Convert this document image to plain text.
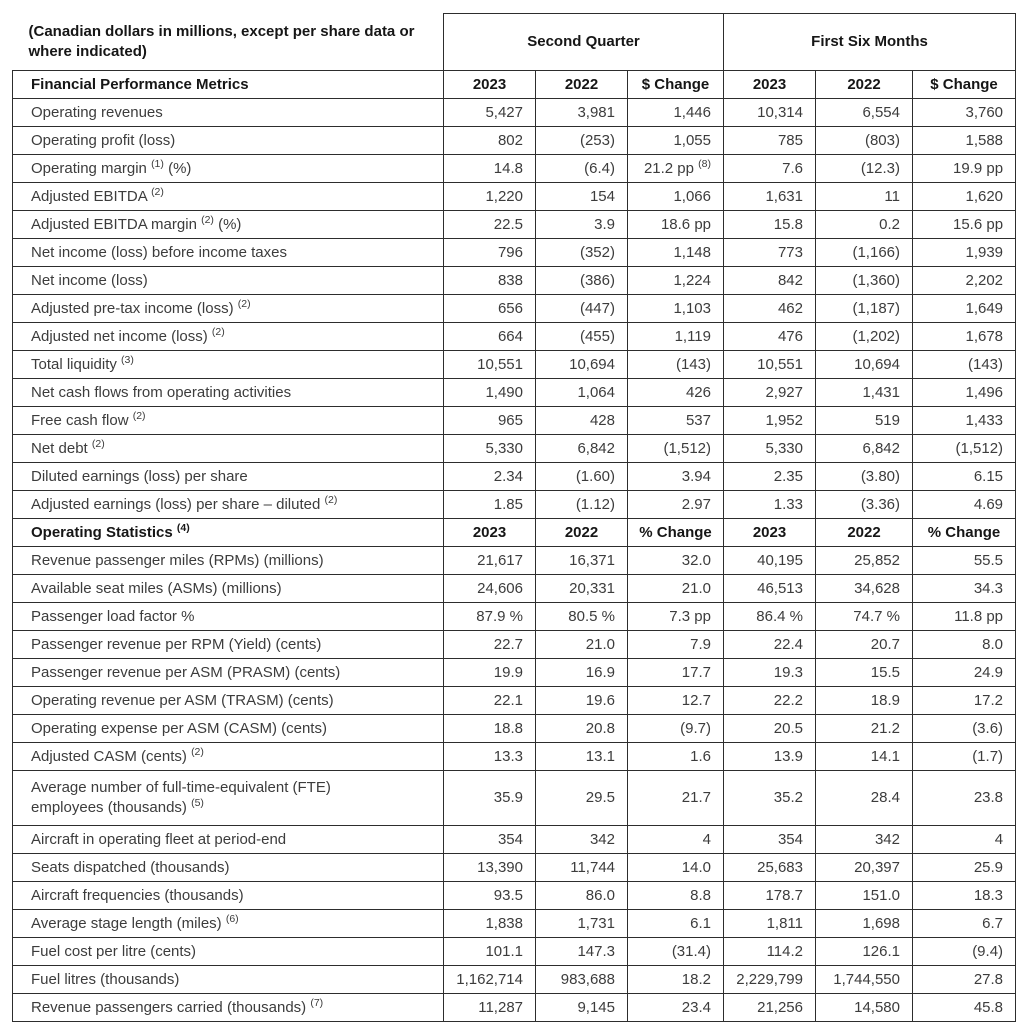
(Canadian dollars in millions, except per share data or
where indicated)	Second Quarter			First Six Months		
Financial Performance Metrics	2023	2022	$ Change	2023	2022	$ Change
Operating revenues	5,427	3,981	1,446	10,314	6,554	3,760
Operating profit (loss)	802	(253)	1,055	785	(803)	1,588
Operating margin $^{(1)}$ (%)	14.8	(6.4)	21.2 pp $^{(8)}$	7.6	(12.3)	19.9 pp
Adjusted EBITDA $^{(2)}$	1,220	154	1,066	1,631	11	1,620
Adjusted EBITDA margin $^{(2)}$ (%)	22.5	3.9	18.6 pp	15.8	0.2	15.6 pp
Net income (loss) before income taxes	796	(352)	1,148	773	(1,166)	1,939
Net income (loss)	838	(386)	1,224	842	(1,360)	2,202
Adjusted pre-tax income (loss) $^{(2)}$	656	(447)	1,103	462	(1,187)	1,649
Adjusted net income (loss) $^{(2)}$	664	(455)	1,119	476	(1,202)	1,678
Total liquidity $^{(3)}$	10,551	10,694	(143)	10,551	10,694	(143)
Net cash flows from operating activities	1,490	1,064	426	2,927	1,431	1,496
Free cash flow $^{(2)}$	965	428	537	1,952	519	1,433
Net debt $^{(2)}$	5,330	6,842	(1,512)	5,330	6,842	(1,512)
Diluted earnings (loss) per share	2.34	(1.60)	3.94	2.35	(3.80)	6.15
Adjusted earnings (loss) per share – diluted $^{(2)}$	1.85	(1.12)	2.97	1.33	(3.36)	4.69
Operating Statistics $^{(4)}$	2023	2022	% Change	2023	2022	% Change
Revenue passenger miles (RPMs) (millions)	21,617	16,371	32.0	40,195	25,852	55.5
Available seat miles (ASMs) (millions)	24,606	20,331	21.0	46,513	34,628	34.3
Passenger load factor %	87.9 %	80.5 %	7.3 pp	86.4 %	74.7 %	11.8 pp
Passenger revenue per RPM (Yield) (cents)	22.7	21.0	7.9	22.4	20.7	8.0
Passenger revenue per ASM (PRASM) (cents)	19.9	16.9	17.7	19.3	15.5	24.9
Operating revenue per ASM (TRASM) (cents)	22.1	19.6	12.7	22.2	18.9	17.2
Operating expense per ASM (CASM) (cents)	18.8	20.8	(9.7)	20.5	21.2	(3.6)
Adjusted CASM (cents) $^{(2)}$	13.3	13.1	1.6	13.9	14.1	(1.7)
Average number of full-time-equivalent (FTE)
employees (thousands) $^{(5)}$	35.9	29.5	21.7	35.2	28.4	23.8
Aircraft in operating fleet at period-end	354	342	4	354	342	4
Seats dispatched (thousands)	13,390	11,744	14.0	25,683	20,397	25.9
Aircraft frequencies (thousands)	93.5	86.0	8.8	178.7	151.0	18.3
Average stage length (miles) $^{(6)}$	1,838	1,731	6.1	1,811	1,698	6.7
Fuel cost per litre (cents)	101.1	147.3	(31.4)	114.2	126.1	(9.4)
Fuel litres (thousands)	1,162,714	983,688	18.2	2,229,799	1,744,550	27.8
Revenue passengers carried (thousands) $^{(7)}$	11,287	9,145	23.4	21,256	14,580	45.8
